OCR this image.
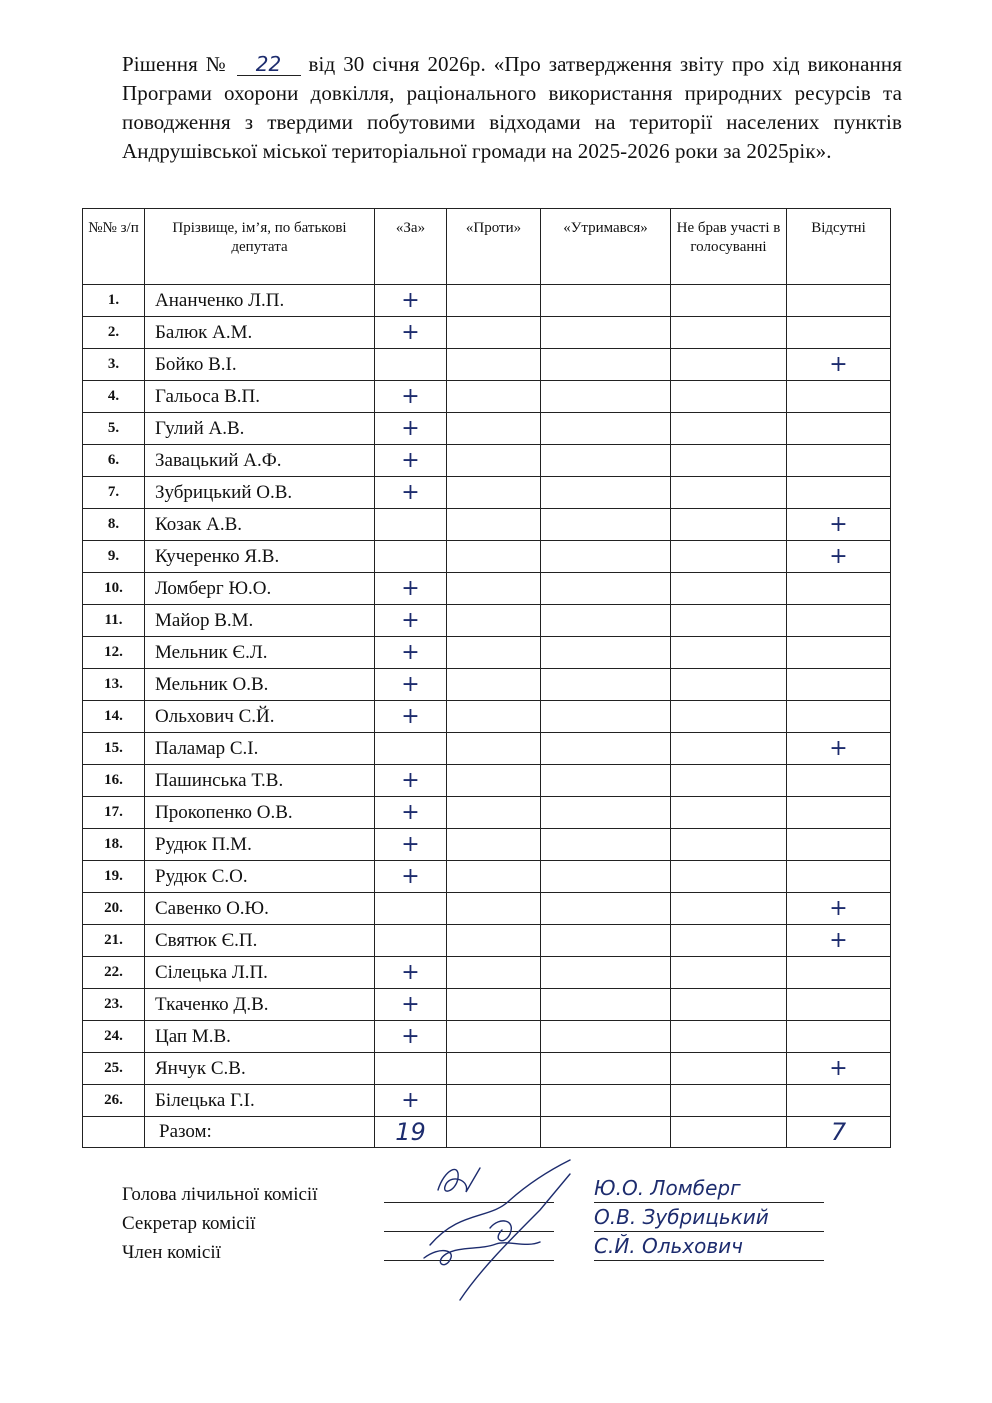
Рішення № 22 від 30 січня 2026р. «Про затвердження звіту про хід виконання Програми охорони довкілля, раціонального використання природних ресурсів та поводження з твердими побутовими відходами на території населених пунктів Андрушівської міської територіальної громади на 2025-2026 роки за 2025рік».
№№ з/п	Прізвище, ім’я, по батькові депутата	«За»	«Проти»	«Утримався»	Не брав участі в голосуванні	Відсутні
1.	Ананченко Л.П.	+				
2.	Балюк А.М.	+				
3.	Бойко В.І.					+
4.	Гальоса В.П.	+				
5.	Гулий А.В.	+				
6.	Завацький А.Ф.	+				
7.	Зубрицький О.В.	+				
8.	Козак А.В.					+
9.	Кучеренко Я.В.					+
10.	Ломберг Ю.О.	+				
11.	Майор В.М.	+				
12.	Мельник Є.Л.	+				
13.	Мельник О.В.	+				
14.	Ольхович С.Й.	+				
15.	Паламар С.І.					+
16.	Пашинська Т.В.	+				
17.	Прокопенко О.В.	+				
18.	Рудюк П.М.	+				
19.	Рудюк С.О.	+				
20.	Савенко О.Ю.					+
21.	Святюк Є.П.					+
22.	Сілецька Л.П.	+				
23.	Ткаченко Д.В.	+				
24.	Цап М.В.	+				
25.	Янчук С.В.					+
26.	Білецька Г.І.	+				
	Разом:	19				7
Голова лічильної комісії	Ю.О. Ломберг
Секретар комісії	О.В. Зубрицький
Член комісії	С.Й. Ольхович
